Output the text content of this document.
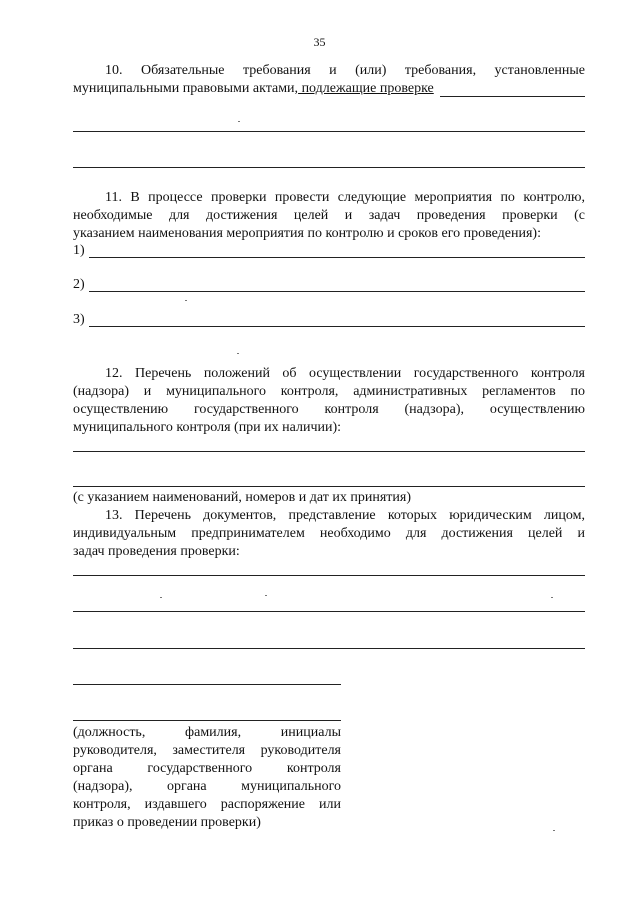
35
10. Обязательные требования и (или) требования, установленные
муниципальными правовыми актами, подлежащие проверке
11. В процессе проверки провести следующие мероприятия по контролю,
необходимые для достижения целей и задач проведения проверки (с
указанием наименования мероприятия по контролю и сроков его проведения):
1)
2)
3)
12. Перечень положений об осуществлении государственного контроля
(надзора) и муниципального контроля, административных регламентов по
осуществлению государственного контроля (надзора), осуществлению
муниципального контроля (при их наличии):
(с указанием наименований, номеров и дат их принятия)
13. Перечень документов, представление которых юридическим лицом,
индивидуальным предпринимателем необходимо для достижения целей и
задач проведения проверки:
(должность, фамилия, инициалы
руководителя, заместителя руководителя
органа государственного контроля
(надзора), органа муниципального
контроля, издавшего распоряжение или
приказ о проведении проверки)
